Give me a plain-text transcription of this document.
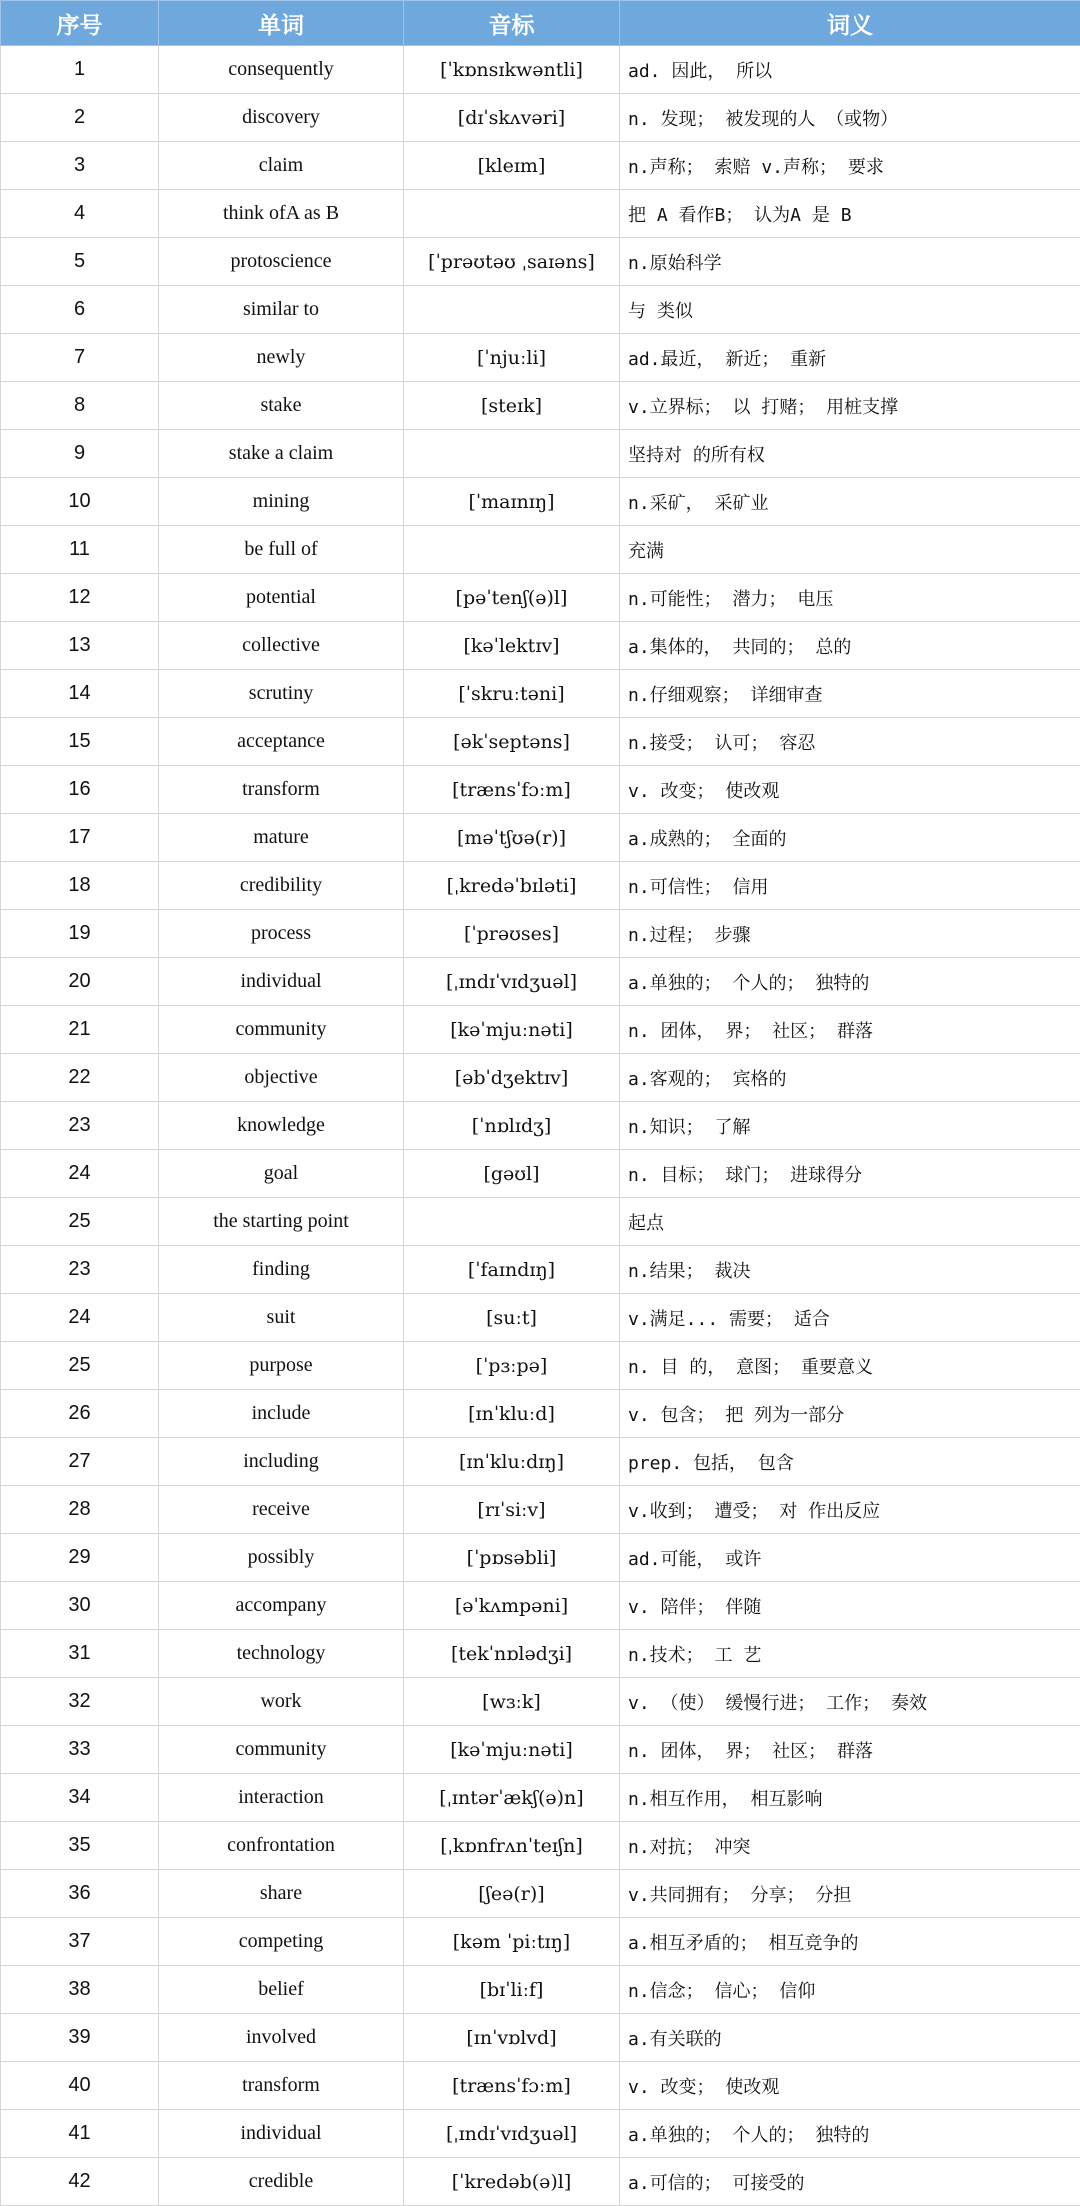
序号	单词	音标	词义
1	consequently	[ˈkɒnsɪkwəntli]	ad. 因此， 所以
2	discovery	[dɪˈskʌvəri]	n. 发现； 被发现的人 （或物）
3	claim	[kleɪm]	n.声称； 索赔 v.声称； 要求
4	think ofA as B		把 A 看作B； 认为A 是 B
5	protoscience	[ˈprəʊtəʊ ˌsaɪəns]	n.原始科学
6	similar to		与 类似
7	newly	[ˈnjuːli]	ad.最近， 新近； 重新
8	stake	[steɪk]	v.立界标； 以 打赌； 用桩支撑
9	stake a claim		坚持对 的所有权
10	mining	[ˈmaɪnɪŋ]	n.采矿， 采矿业
11	be full of		充满
12	potential	[pəˈtenʃ(ə)l]	n.可能性； 潜力； 电压
13	collective	[kəˈlektɪv]	a.集体的， 共同的； 总的
14	scrutiny	[ˈskruːtəni]	n.仔细观察； 详细审查
15	acceptance	[əkˈseptəns]	n.接受； 认可； 容忍
16	transform	[trænsˈfɔːm]	v. 改变； 使改观
17	mature	[məˈtʃʊə(r)]	a.成熟的； 全面的
18	credibility	[ˌkredəˈbɪləti]	n.可信性； 信用
19	process	[ˈprəʊses]	n.过程； 步骤
20	individual	[ˌɪndɪˈvɪdʒuəl]	a.单独的； 个人的； 独特的
21	community	[kəˈmjuːnəti]	n. 团体， 界； 社区； 群落
22	objective	[əbˈdʒektɪv]	a.客观的； 宾格的
23	knowledge	[ˈnɒlɪdʒ]	n.知识； 了解
24	goal	[gəʊl]	n. 目标； 球门； 进球得分
25	the starting point		起点
23	finding	[ˈfaɪndɪŋ]	n.结果； 裁决
24	suit	[suːt]	v.满足... 需要； 适合
25	purpose	[ˈpɜːpə]	n. 目 的， 意图； 重要意义
26	include	[ɪnˈkluːd]	v. 包含； 把 列为一部分
27	including	[ɪnˈkluːdɪŋ]	prep. 包括， 包含
28	receive	[rɪˈsiːv]	v.收到； 遭受； 对 作出反应
29	possibly	[ˈpɒsəbli]	ad.可能， 或许
30	accompany	[əˈkʌmpəni]	v. 陪伴； 伴随
31	technology	[tekˈnɒlədʒi]	n.技术； 工 艺
32	work	[wɜːk]	v. （使） 缓慢行进； 工作； 奏效
33	community	[kəˈmjuːnəti]	n. 团体， 界； 社区； 群落
34	interaction	[ˌɪntərˈækʃ(ə)n]	n.相互作用， 相互影响
35	confrontation	[ˌkɒnfrʌnˈteɪʃn]	n.对抗； 冲突
36	share	[ʃeə(r)]	v.共同拥有； 分享； 分担
37	competing	[kəm ˈpiːtɪŋ]	a.相互矛盾的； 相互竞争的
38	belief	[bɪˈliːf]	n.信念； 信心； 信仰
39	involved	[ɪnˈvɒlvd]	a.有关联的
40	transform	[trænsˈfɔːm]	v. 改变； 使改观
41	individual	[ˌɪndɪˈvɪdʒuəl]	a.单独的； 个人的； 独特的
42	credible	[ˈkredəb(ə)l]	a.可信的； 可接受的
